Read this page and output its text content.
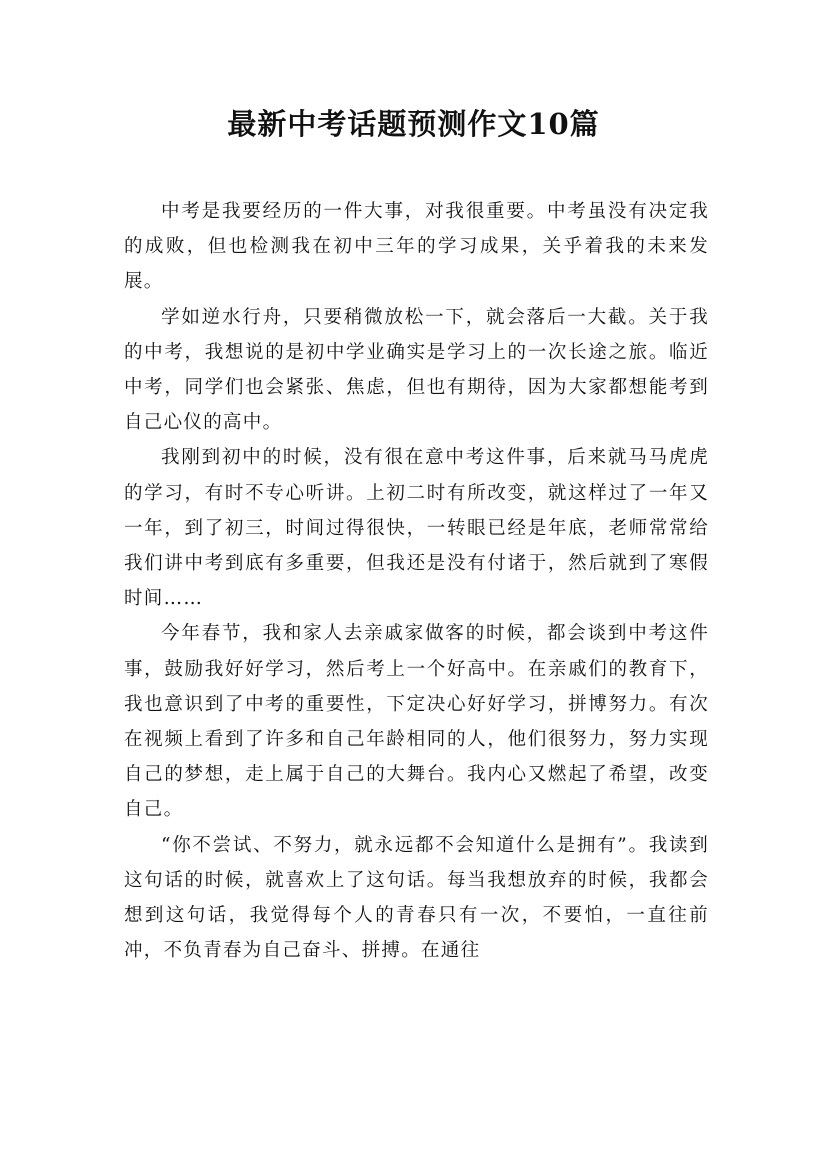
最新中考话题预测作文10篇

中考是我要经历的一件大事，对我很重要。中考虽没有决定我的成败，但也检测我在初中三年的学习成果，关乎着我的未来发展。

学如逆水行舟，只要稍微放松一下，就会落后一大截。关于我的中考，我想说的是初中学业确实是学习上的一次长途之旅。临近中考，同学们也会紧张、焦虑，但也有期待，因为大家都想能考到自己心仪的高中。

我刚到初中的时候，没有很在意中考这件事，后来就马马虎虎的学习，有时不专心听讲。上初二时有所改变，就这样过了一年又一年，到了初三，时间过得很快，一转眼已经是年底，老师常常给我们讲中考到底有多重要，但我还是没有付诸于，然后就到了寒假时间……

今年春节，我和家人去亲戚家做客的时候，都会谈到中考这件事，鼓励我好好学习，然后考上一个好高中。在亲戚们的教育下，我也意识到了中考的重要性，下定决心好好学习，拼博努力。有次在视频上看到了许多和自己年龄相同的人，他们很努力，努力实现自己的梦想，走上属于自己的大舞台。我内心又燃起了希望，改变自己。

“你不尝试、不努力，就永远都不会知道什么是拥有”。我读到这句话的时候，就喜欢上了这句话。每当我想放弃的时候，我都会想到这句话，我觉得每个人的青春只有一次，不要怕，一直往前冲，不负青春为自己奋斗、拼搏。在通往
